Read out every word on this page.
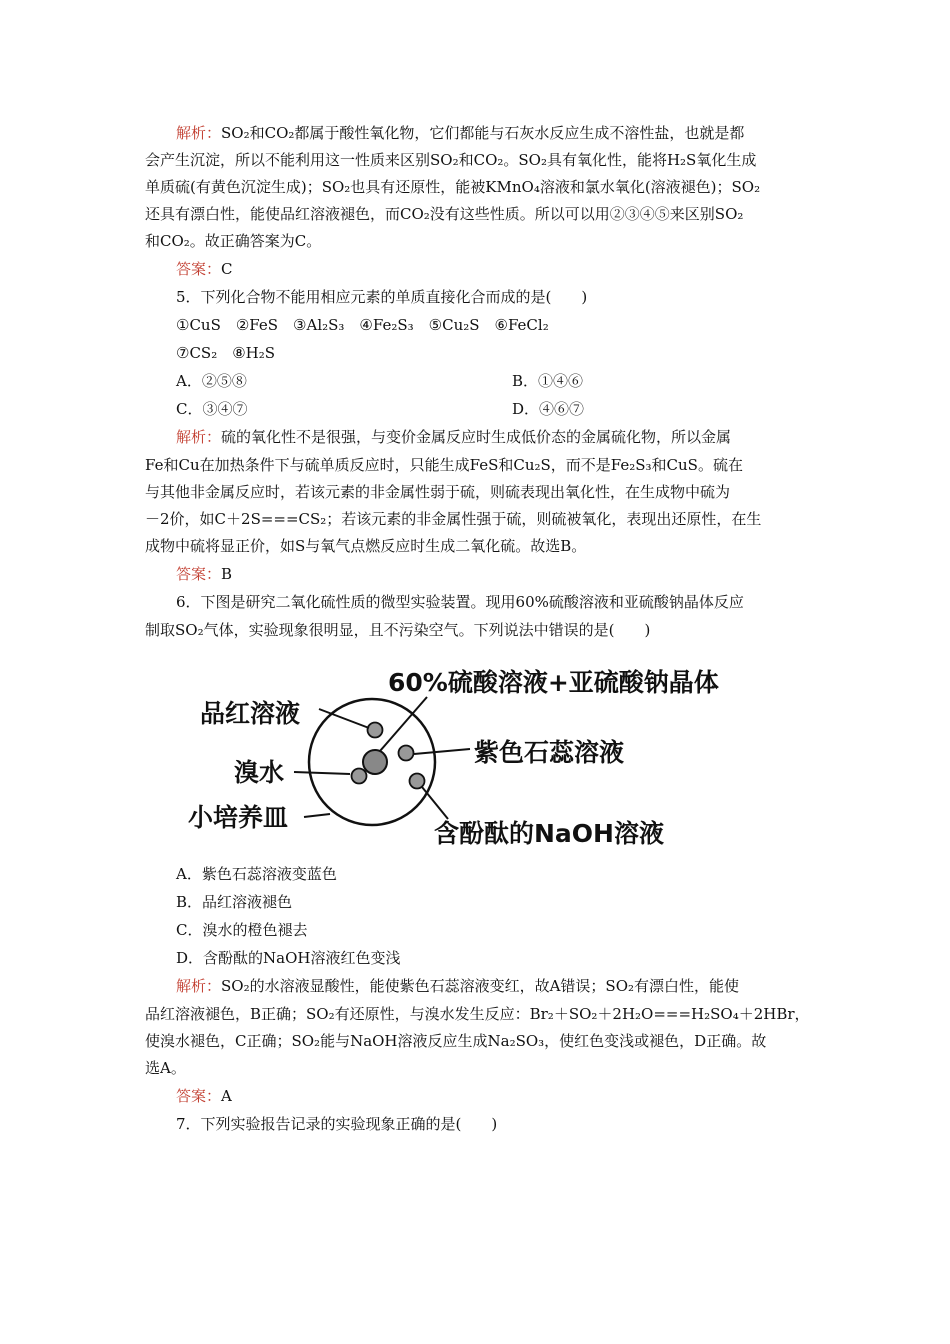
解析：SO₂和CO₂都属于酸性氧化物，它们都能与石灰水反应生成不溶性盐，也就是都
会产生沉淀，所以不能利用这一性质来区别SO₂和CO₂。SO₂具有氧化性，能将H₂S氧化生成
单质硫(有黄色沉淀生成)；SO₂也具有还原性，能被KMnO₄溶液和氯水氧化(溶液褪色)；SO₂
还具有漂白性，能使品红溶液褪色，而CO₂没有这些性质。所以可以用②③④⑤来区别SO₂
和CO₂。故正确答案为C。
答案：C
5．下列化合物不能用相应元素的单质直接化合而成的是(　　)
①CuS　②FeS　③Al₂S₃　④Fe₂S₃　⑤Cu₂S　⑥FeCl₂
⑦CS₂　⑧H₂S
A．②⑤⑧	B．①④⑥
C．③④⑦	D．④⑥⑦
解析：硫的氧化性不是很强，与变价金属反应时生成低价态的金属硫化物，所以金属
Fe和Cu在加热条件下与硫单质反应时，只能生成FeS和Cu₂S，而不是Fe₂S₃和CuS。硫在
与其他非金属反应时，若该元素的非金属性弱于硫，则硫表现出氧化性，在生成物中硫为
－2价，如C＋2S===CS₂；若该元素的非金属性强于硫，则硫被氧化，表现出还原性，在生
成物中硫将显正价，如S与氧气点燃反应时生成二氧化硫。故选B。
答案：B
6．下图是研究二氧化硫性质的微型实验装置。现用60%硫酸溶液和亚硫酸钠晶体反应
制取SO₂气体，实验现象很明显，且不污染空气。下列说法中错误的是(　　)
60%硫酸溶液+亚硫酸钠晶体
品红溶液
溴水
小培养皿
紫色石蕊溶液
含酚酞的NaOH溶液
A．紫色石蕊溶液变蓝色
B．品红溶液褪色
C．溴水的橙色褪去
D．含酚酞的NaOH溶液红色变浅
解析：SO₂的水溶液显酸性，能使紫色石蕊溶液变红，故A错误；SO₂有漂白性，能使
品红溶液褪色，B正确；SO₂有还原性，与溴水发生反应：Br₂＋SO₂＋2H₂O===H₂SO₄＋2HBr，
使溴水褪色，C正确；SO₂能与NaOH溶液反应生成Na₂SO₃，使红色变浅或褪色，D正确。故
选A。
答案：A
7．下列实验报告记录的实验现象正确的是(　　)
